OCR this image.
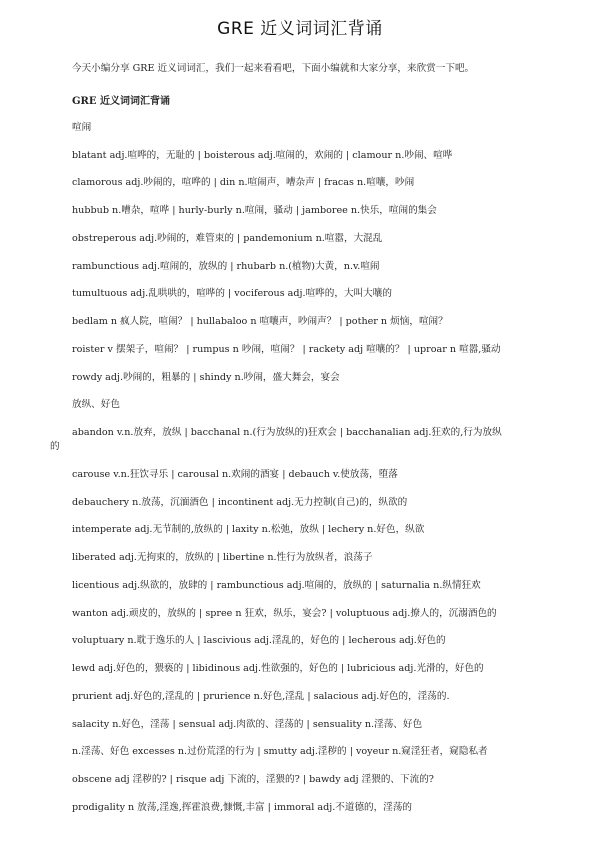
GRE 近义词词汇背诵
今天小编分享 GRE 近义词词汇，我们一起来看看吧，下面小编就和大家分享，来欣赏一下吧。
GRE 近义词词汇背诵
喧闹
blatant adj.喧哗的，无耻的 | boisterous adj.喧闹的，欢闹的 | clamour n.吵闹、喧哗
clamorous adj.吵闹的，喧哗的 | din n.喧闹声，嘈杂声 | fracas n.喧嚷，吵闹
hubbub n.嘈杂，喧哗 | hurly-burly n.喧闹，骚动 | jamboree n.快乐，喧闹的集会
obstreperous adj.吵闹的，难管束的 | pandemonium n.喧嚣，大混乱
rambunctious adj.喧闹的，放纵的 | rhubarb n.(植物)大黄，n.v.喧闹
tumultuous adj.乱哄哄的，喧哗的 | vociferous adj.喧哗的，大叫大嚷的
bedlam n 疯人院，喧闹？ | hullabaloo n 喧嚷声，吵闹声？ | pother n 烦恼，喧闹？
roister v 摆架子，喧闹？ | rumpus n 吵闹，喧闹？ | rackety adj 喧嚷的？ | uproar n 喧嚣,骚动
rowdy adj.吵闹的，粗暴的 | shindy n.吵闹，盛大舞会，宴会
放纵、好色
abandon v.n.放弃，放纵 | bacchanal n.(行为放纵的)狂欢会 | bacchanalian adj.狂欢的,行为放纵
的
carouse v.n.狂饮寻乐 | carousal n.欢闹的酒宴 | debauch v.使放荡，堕落
debauchery n.放荡，沉湎酒色 | incontinent adj.无力控制(自己)的，纵欲的
intemperate adj.无节制的,放纵的 | laxity n.松弛，放纵 | lechery n.好色，纵欲
liberated adj.无拘束的，放纵的 | libertine n.性行为放纵者，浪荡子
licentious adj.纵欲的，放肆的 | rambunctious adj.喧闹的，放纵的 | saturnalia n.纵情狂欢
wanton adj.顽皮的，放纵的 | spree n 狂欢，纵乐，宴会? | voluptuous adj.撩人的，沉溺酒色的
voluptuary n.耽于逸乐的人 | lascivious adj.淫乱的，好色的 | lecherous adj.好色的
lewd adj.好色的，猥亵的 | libidinous adj.性欲强的，好色的 | lubricious adj.光滑的，好色的
prurient adj.好色的,淫乱的 | prurience n.好色,淫乱 | salacious adj.好色的，淫荡的.
salacity n.好色，淫荡 | sensual adj.肉欲的、淫荡的 | sensuality n.淫荡、好色
n.淫荡、好色 excesses n.过份荒淫的行为 | smutty adj.淫秽的 | voyeur n.窥淫狂者，窥隐私者
obscene adj 淫秽的? | risque adj 下流的，淫猥的? | bawdy adj 淫猥的、下流的?
prodigality n 放荡,淫逸,挥霍浪费,慷慨,丰富 | immoral adj.不道德的，淫荡的
